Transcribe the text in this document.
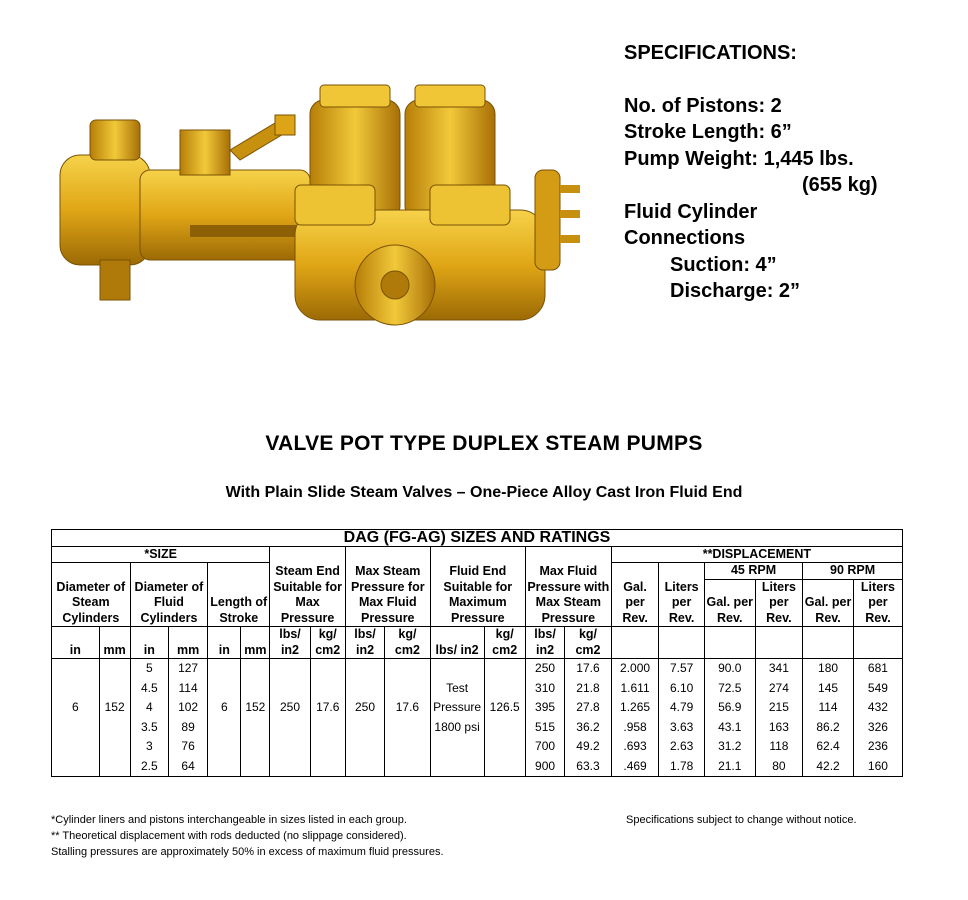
SPECIFICATIONS:
No. of Pistons: 2
Stroke Length: 6”
Pump Weight: 1,445 lbs.
(655 kg)
Fluid Cylinder
Connections
Suction: 4”
Discharge: 2”
VALVE POT TYPE DUPLEX STEAM PUMPS
With Plain Slide Steam Valves – One-Piece Alloy Cast Iron Fluid End
DAG (FG-AG) SIZES AND RATINGS																			
*SIZE						Steam End Suitable for Max Pressure		Max Steam Pressure for Max Fluid Pressure		Fluid End Suitable for Maximum Pressure		Max Fluid Pressure with Max Steam Pressure		**DISPLACEMENT					
Diameter of Steam Cylinders		Diameter of Fluid Cylinders		Length of Stroke										Gal. per Rev.	Liters per Rev.	45 RPM		90 RPM	
																Gal. per Rev.	Liters per Rev.	Gal. per Rev.	Liters per Rev.
in	mm	in	mm	in	mm	lbs/ in2	kg/ cm2	lbs/ in2	kg/ cm2	lbs/ in2	kg/ cm2	lbs/ in2	kg/ cm2						
		5	127									250	17.6	2.000	7.57	90.0	341	180	681
		4.5	114							Test		310	21.8	1.611	6.10	72.5	274	145	549
6	152	4	102	6	152	250	17.6	250	17.6	Pressure	126.5	395	27.8	1.265	4.79	56.9	215	114	432
		3.5	89							1800 psi		515	36.2	.958	3.63	43.1	163	86.2	326
		3	76									700	49.2	.693	2.63	31.2	118	62.4	236
		2.5	64									900	63.3	.469	1.78	21.1	80	42.2	160
*Cylinder liners and pistons interchangeable in sizes listed in each group.
** Theoretical displacement with rods deducted (no slippage considered).
Stalling pressures are approximately 50% in excess of maximum fluid pressures.
Specifications subject to change without notice.
